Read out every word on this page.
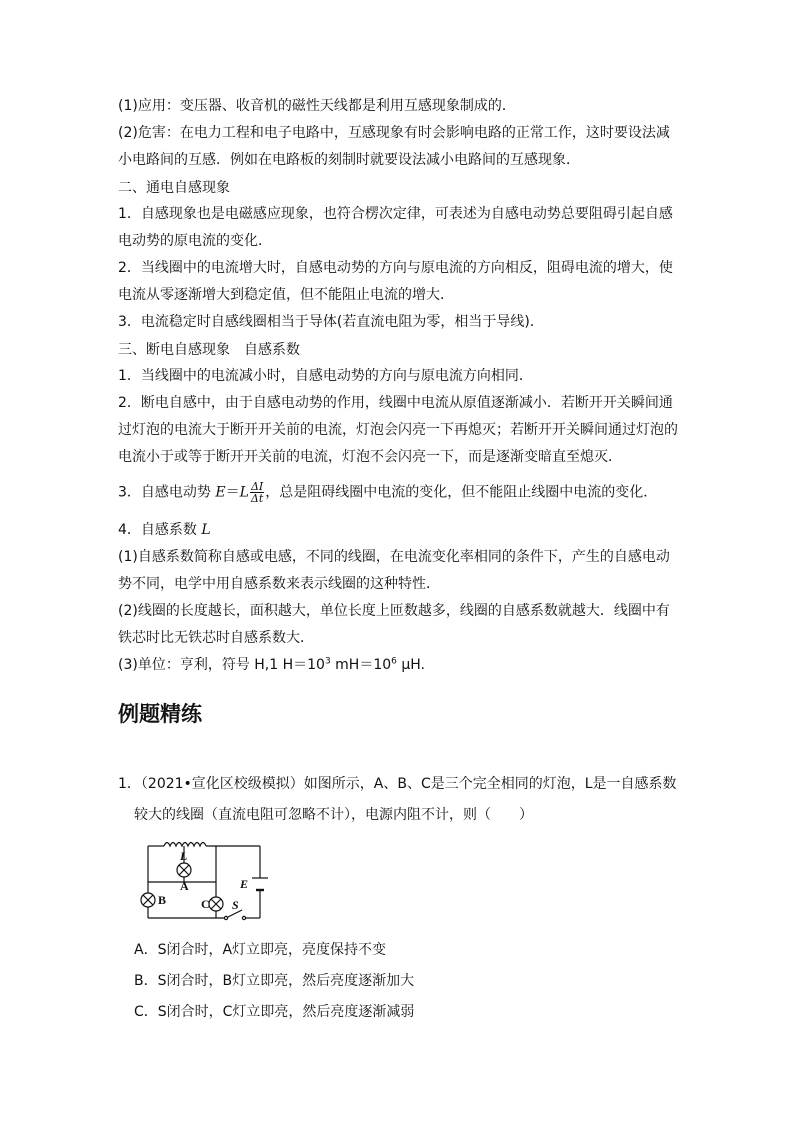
(1)应用：变压器、收音机的磁性天线都是利用互感现象制成的．
(2)危害：在电力工程和电子电路中，互感现象有时会影响电路的正常工作，这时要设法减
小电路间的互感．例如在电路板的刻制时就要设法减小电路间的互感现象．
二、通电自感现象
1．自感现象也是电磁感应现象，也符合楞次定律，可表述为自感电动势总要阻碍引起自感
电动势的原电流的变化．
2．当线圈中的电流增大时，自感电动势的方向与原电流的方向相反，阻碍电流的增大，使
电流从零逐渐增大到稳定值，但不能阻止电流的增大．
3．电流稳定时自感线圈相当于导体(若直流电阻为零，相当于导线)．
三、断电自感现象　自感系数
1．当线圈中的电流减小时，自感电动势的方向与原电流方向相同．
2．断电自感中，由于自感电动势的作用，线圈中电流从原值逐渐减小．若断开开关瞬间通
过灯泡的电流大于断开开关前的电流，灯泡会闪亮一下再熄灭；若断开开关瞬间通过灯泡的
电流小于或等于断开开关前的电流，灯泡不会闪亮一下，而是逐渐变暗直至熄灭．
3．自感电动势 $E=L \frac{\Delta I}{\Delta t}$ ，总是阻碍线圈中电流的变化，但不能阻止线圈中电流的变化．
4．自感系数 L
(1)自感系数简称自感或电感，不同的线圈，在电流变化率相同的条件下，产生的自感电动
势不同，电学中用自感系数来表示线圈的这种特性．
(2)线圈的长度越长，面积越大，单位长度上匝数越多，线圈的自感系数就越大．线圈中有
铁芯时比无铁芯时自感系数大．
(3)单位：亨利，符号 H,1 $H=10^3$ $mH=10^6$ μH.
例题精练
1．（2021•宣化区校级模拟）如图所示，A、B、C是三个完全相同的灯泡，L是一自感系数
较大的线圈（直流电阻可忽略不计），电源内阻不计，则（　　）
L
A
B	C
E
S
A．S闭合时，A灯立即亮，亮度保持不变
B．S闭合时，B灯立即亮，然后亮度逐渐加大
C．S闭合时，C灯立即亮，然后亮度逐渐减弱
